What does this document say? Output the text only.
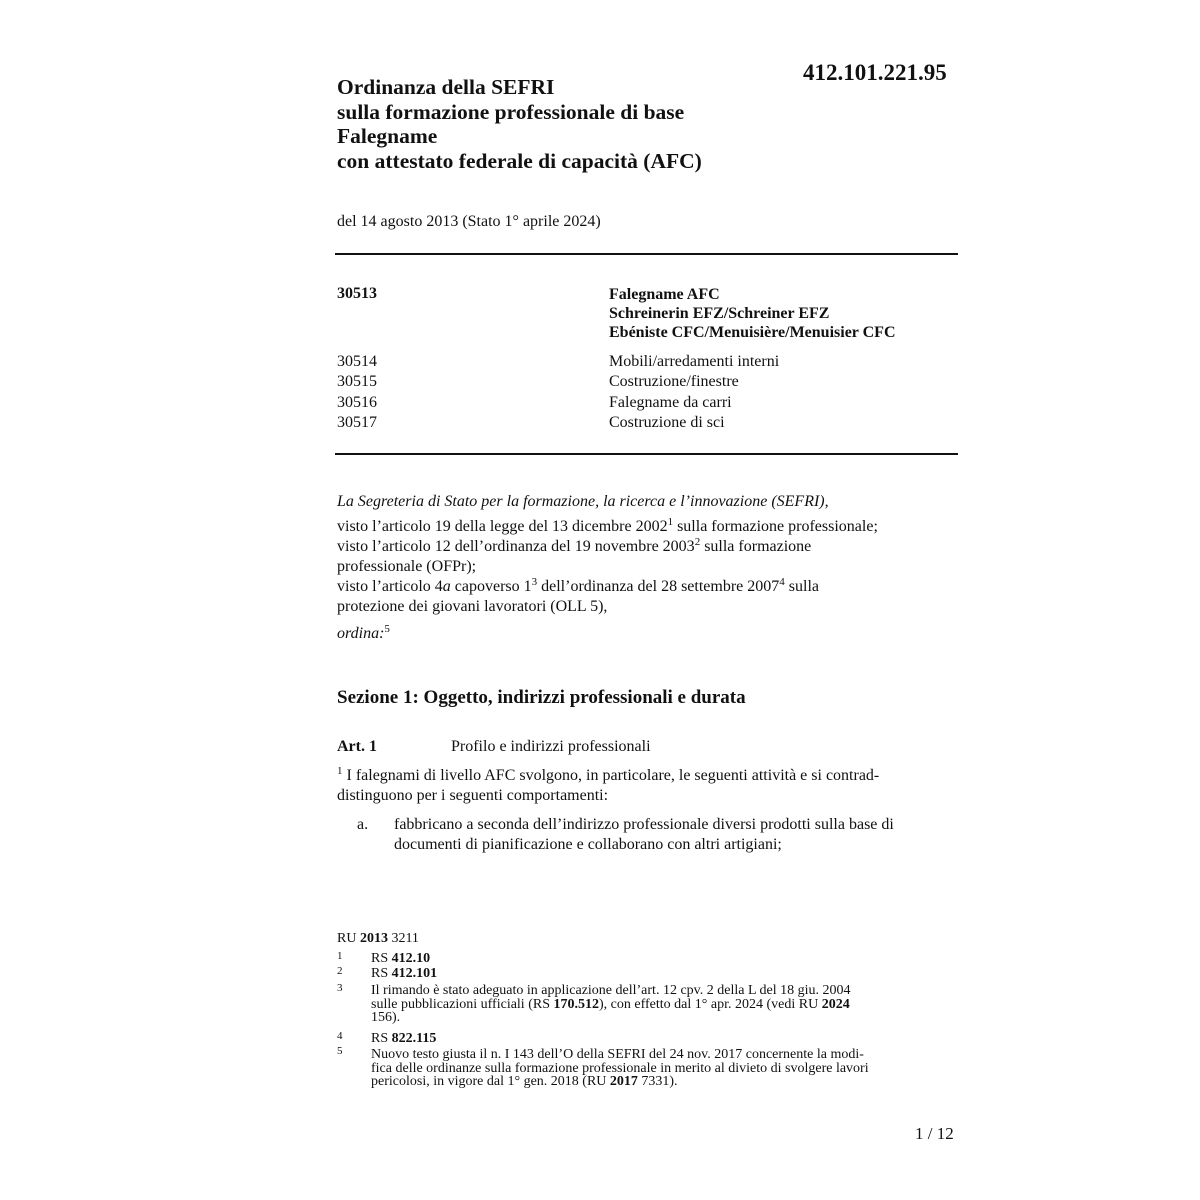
412.101.221.95
Ordinanza della SEFRI
sulla formazione professionale di base
Falegname
con attestato federale di capacità (AFC)
del 14 agosto 2013 (Stato 1° aprile 2024)
30513	Falegname AFC
Schreinerin EFZ/Schreiner EFZ
Ebéniste CFC/Menuisière/Menuisier CFC
30514
30515
30516
30517
Mobili/arredamenti interni
Costruzione/finestre
Falegname da carri
Costruzione di sci
La Segreteria di Stato per la formazione, la ricerca e l’innovazione (SEFRI),
visto l’articolo 19 della legge del 13 dicembre 2002$^1$ sulla formazione professionale;
visto l’articolo 12 dell’ordinanza del 19 novembre 2003$^2$ sulla formazione
professionale (OFPr);
visto l’articolo 4a capoverso $1^3$ dell’ordinanza del 28 settembre 2007$^4$ sulla
protezione dei giovani lavoratori (OLL 5),
ordina:$^5$
Sezione 1: Oggetto, indirizzi professionali e durata
Art. 1	Profilo e indirizzi professionali
$^1$ I falegnami di livello AFC svolgono, in particolare, le seguenti attività e si contrad-
distinguono per i seguenti comportamenti:
a. fabbricano a seconda dell’indirizzo professionale diversi prodotti sulla base di
documenti di pianificazione e collaborano con altri artigiani;
RU 2013 3211
1 RS 412.10
2 RS 412.101
3 Il rimando è stato adeguato in applicazione dell’art. 12 cpv. 2 della L del 18 giu. 2004
sulle pubblicazioni ufficiali (RS 170.512), con effetto dal 1° apr. 2024 (vedi RU 2024
156).
4 RS 822.115
5 Nuovo testo giusta il n. I 143 dell’O della SEFRI del 24 nov. 2017 concernente la modi-
fica delle ordinanze sulla formazione professionale in merito al divieto di svolgere lavori
pericolosi, in vigore dal 1° gen. 2018 (RU 2017 7331).
1 / 12
